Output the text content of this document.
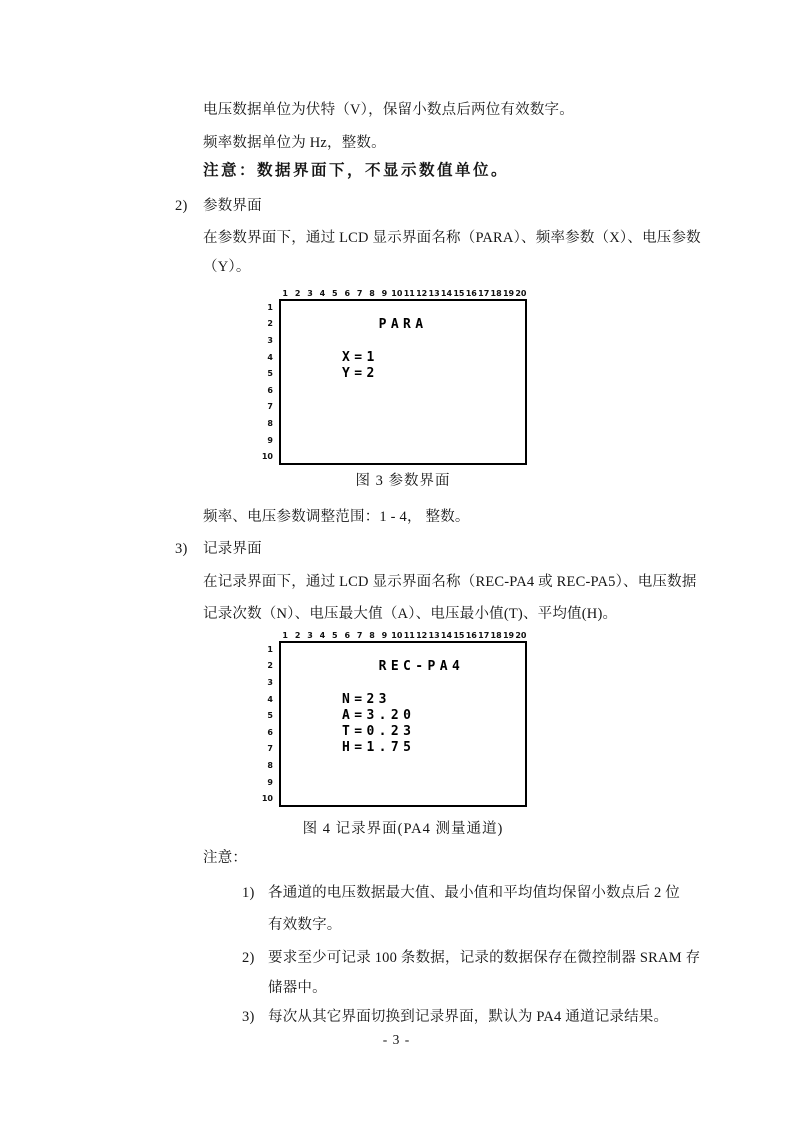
电压数据单位为伏特（V），保留小数点后两位有效数字。
频率数据单位为 Hz，整数。
注意：数据界面下，不显示数值单位。
2) 参数界面
在参数界面下，通过 LCD 显示界面名称（PARA）、频率参数（X）、电压参数
（Y）。
1 2 3 4 5 6 7 8 9 10 11 12 13 14 15 16 17 18 19 20
1
2
3
4
5
6
7
8
9
10
PARA
X=1
Y=2
图 3 参数界面
频率、电压参数调整范围：1 - 4， 整数。
3) 记录界面
在记录界面下，通过 LCD 显示界面名称（REC-PA4 或 REC-PA5）、电压数据
记录次数（N）、电压最大值（A）、电压最小值(T)、平均值(H)。
1 2 3 4 5 6 7 8 9 10 11 12 13 14 15 16 17 18 19 20
1
2
3
4
5
6
7
8
9
10
REC-PA4
N=23
A=3.20
T=0.23
H=1.75
图 4 记录界面(PA4 测量通道)
注意：
1) 各通道的电压数据最大值、最小值和平均值均保留小数点后 2 位
有效数字。
2) 要求至少可记录 100 条数据，记录的数据保存在微控制器 SRAM 存
储器中。
3) 每次从其它界面切换到记录界面，默认为 PA4 通道记录结果。
- 3 -
